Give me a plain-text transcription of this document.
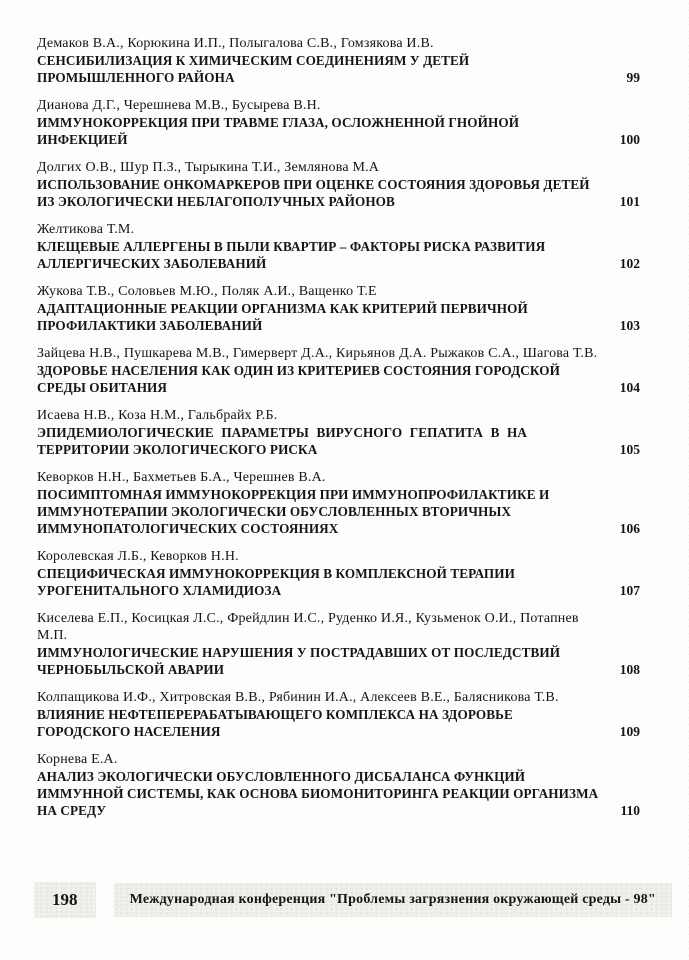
Демаков В.А., Корюкина И.П., Полыгалова С.В., Гомзякова И.В.
СЕНСИБИЛИЗАЦИЯ К ХИМИЧЕСКИМ СОЕДИНЕНИЯМ У ДЕТЕЙ ПРОМЫШЛЕННОГО РАЙОНА	99
Дианова Д.Г., Черешнева М.В., Бусырева В.Н.
ИММУНОКОРРЕКЦИЯ ПРИ ТРАВМЕ ГЛАЗА, ОСЛОЖНЕННОЙ ГНОЙНОЙ ИНФЕКЦИЕЙ	100
Долгих О.В., Шур П.З., Тырыкина Т.И., Землянова М.А
ИСПОЛЬЗОВАНИЕ ОНКОМАРКЕРОВ ПРИ ОЦЕНКЕ СОСТОЯНИЯ ЗДОРОВЬЯ ДЕТЕЙ ИЗ ЭКОЛОГИЧЕСКИ НЕБЛАГОПОЛУЧНЫХ РАЙОНОВ	101
Желтикова Т.М.
КЛЕЩЕВЫЕ АЛЛЕРГЕНЫ В ПЫЛИ КВАРТИР – ФАКТОРЫ РИСКА РАЗВИТИЯ АЛЛЕРГИЧЕСКИХ ЗАБОЛЕВАНИЙ	102
Жукова Т.В., Соловьев М.Ю., Поляк А.И., Ващенко Т.Е
АДАПТАЦИОННЫЕ РЕАКЦИИ ОРГАНИЗМА КАК КРИТЕРИЙ ПЕРВИЧНОЙ ПРОФИЛАКТИКИ ЗАБОЛЕВАНИЙ	103
Зайцева Н.В., Пушкарева М.В., Гимерверт Д.А., Кирьянов Д.А. Рыжаков С.А., Шагова Т.В.
ЗДОРОВЬЕ НАСЕЛЕНИЯ КАК ОДИН ИЗ КРИТЕРИЕВ СОСТОЯНИЯ ГОРОДСКОЙ СРЕДЫ ОБИТАНИЯ	104
Исаева Н.В., Коза Н.М., Гальбрайх Р.Б.
ЭПИДЕМИОЛОГИЧЕСКИЕ ПАРАМЕТРЫ ВИРУСНОГО ГЕПАТИТА В НА ТЕРРИТОРИИ ЭКОЛОГИЧЕСКОГО РИСКА	105
Кеворков Н.Н., Бахметьев Б.А., Черешнев В.А.
ПОСИМПТОМНАЯ ИММУНОКОРРЕКЦИЯ ПРИ ИММУНОПРОФИЛАКТИКЕ И ИММУНОТЕРАПИИ ЭКОЛОГИЧЕСКИ ОБУСЛОВЛЕННЫХ ВТОРИЧНЫХ ИММУНОПАТОЛОГИЧЕСКИХ СОСТОЯНИЯХ	106
Королевская Л.Б., Кеворков Н.Н.
СПЕЦИФИЧЕСКАЯ ИММУНОКОРРЕКЦИЯ В КОМПЛЕКСНОЙ ТЕРАПИИ УРОГЕНИТАЛЬНОГО ХЛАМИДИОЗА	107
Киселева Е.П., Косицкая Л.С., Фрейдлин И.С., Руденко И.Я., Кузьменок О.И., Потапнев М.П.
ИММУНОЛОГИЧЕСКИЕ НАРУШЕНИЯ У ПОСТРАДАВШИХ ОТ ПОСЛЕДСТВИЙ ЧЕРНОБЫЛЬСКОЙ АВАРИИ	108
Колпащикова И.Ф., Хитровская В.В., Рябинин И.А., Алексеев В.Е., Балясникова Т.В.
ВЛИЯНИЕ НЕФТЕПЕРЕРАБАТЫВАЮЩЕГО КОМПЛЕКСА НА ЗДОРОВЬЕ ГОРОДСКОГО НАСЕЛЕНИЯ	109
Корнева Е.А.
АНАЛИЗ ЭКОЛОГИЧЕСКИ ОБУСЛОВЛЕННОГО ДИСБАЛАНСА ФУНКЦИЙ ИММУННОЙ СИСТЕМЫ, КАК ОСНОВА БИОМОНИТОРИНГА РЕАКЦИИ ОРГАНИЗМА НА СРЕДУ	110
198	Международная конференция "Проблемы загрязнения окружающей среды - 98"
